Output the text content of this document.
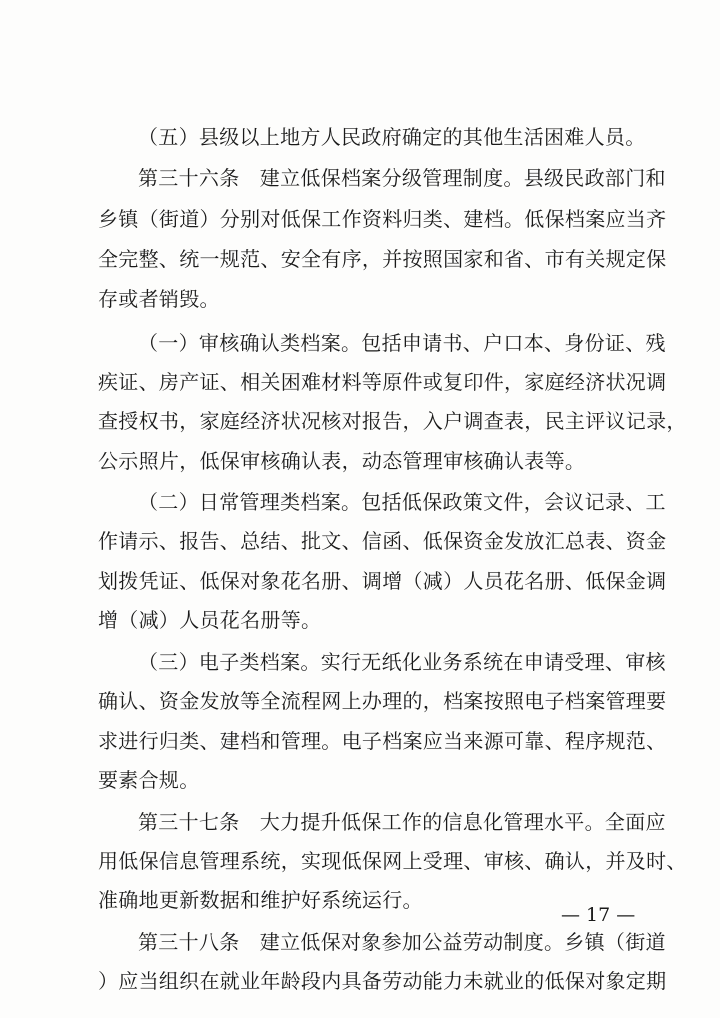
（五）县级以上地方人民政府确定的其他生活困难人员。
第三十六条　建立低保档案分级管理制度。县级民政部门和
乡镇（街道）分别对低保工作资料归类、建档。低保档案应当齐
全完整、统一规范、安全有序，并按照国家和省、市有关规定保
存或者销毁。
（一）审核确认类档案。包括申请书、户口本、身份证、残
疾证、房产证、相关困难材料等原件或复印件，家庭经济状况调
查授权书，家庭经济状况核对报告，入户调查表，民主评议记录，
公示照片，低保审核确认表，动态管理审核确认表等。
（二）日常管理类档案。包括低保政策文件，会议记录、工
作请示、报告、总结、批文、信函、低保资金发放汇总表、资金
划拨凭证、低保对象花名册、调增（减）人员花名册、低保金调
增（减）人员花名册等。
（三）电子类档案。实行无纸化业务系统在申请受理、审核
确认、资金发放等全流程网上办理的，档案按照电子档案管理要
求进行归类、建档和管理。电子档案应当来源可靠、程序规范、
要素合规。
第三十七条　大力提升低保工作的信息化管理水平。全面应
用低保信息管理系统，实现低保网上受理、审核、确认，并及时、
准确地更新数据和维护好系统运行。
第三十八条　建立低保对象参加公益劳动制度。乡镇（街道
）应当组织在就业年龄段内具备劳动能力未就业的低保对象定期
— 17 —
